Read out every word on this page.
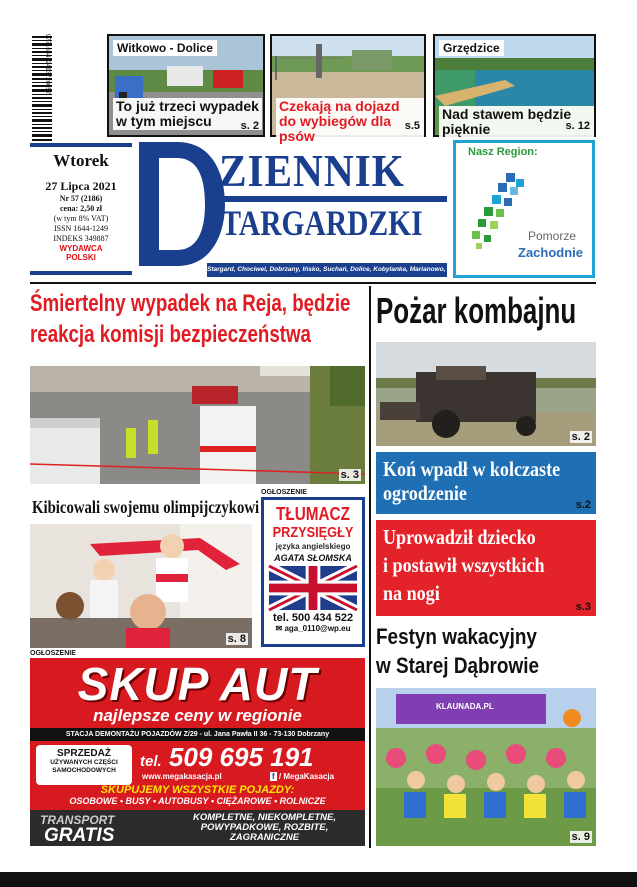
977164412493720057	Witkowo - Dolice
To już trzeci wypadek
w tym miejscu	s. 2
Czekają na dojazd
do wybiegów dla psów
s.5
Grzędzice
Nad stawem będzie pięknie	s. 12
Wtorek
27 Lipca 2021
Nr 57 (2186)
cena: 2,50 zł
(w tym 8% VAT)
ISSN 1644-1249
INDEKS 349887
WYDAWCA
POLSKI
ZIENNIK
STARGARDZKI
Stargard, Chociwel, Dobrzany, Ińsko, Suchań, Dolice, Kobylanka, Marianowo, Stara Dąbrowa
Nasz Region:
Pomorze
Zachodnie
Śmiertelny wypadek na Reja, będzie
reakcja komisji bezpieczeństwa
s. 3
Pożar kombajnu
s. 2
Koń wpadł w kolczaste
ogrodzenie	s.2
Uprowadził dziecko
i postawił wszystkich
na nogi
s.3
Festyn wakacyjny
w Starej Dąbrowie
KLAUNADA.PL
s. 9
Kibicowali swojemu olimpijczykowi
s. 8
OGŁOSZENIE
TŁUMACZ
PRZYSIĘGŁY
języka angielskiego
AGATA SŁOMSKA
tel. 500 434 522
✉ aga_0110@wp.eu
OGŁOSZENIE
SKUP AUT
najlepsze ceny w regionie
STACJA DEMONTAŻU POJAZDÓW Z/29 - ul. Jana Pawła II 36 - 73-130 Dobrzany
SPRZEDAŻ
UŻYWANYCH CZĘŚCI
SAMOCHODOWYCH
tel. 509 695 191
www.megakasacja.pl	f / MegaKasacja
SKUPUJEMY WSZYSTKIE POJAZDY:
OSOBOWE • BUSY • AUTOBUSY • CIĘŻAROWE • ROLNICZE
TRANSPORT
GRATIS
KOMPLETNE, NIEKOMPLETNE, POWYPADKOWE, ROZBITE, ZAGRANICZNE
